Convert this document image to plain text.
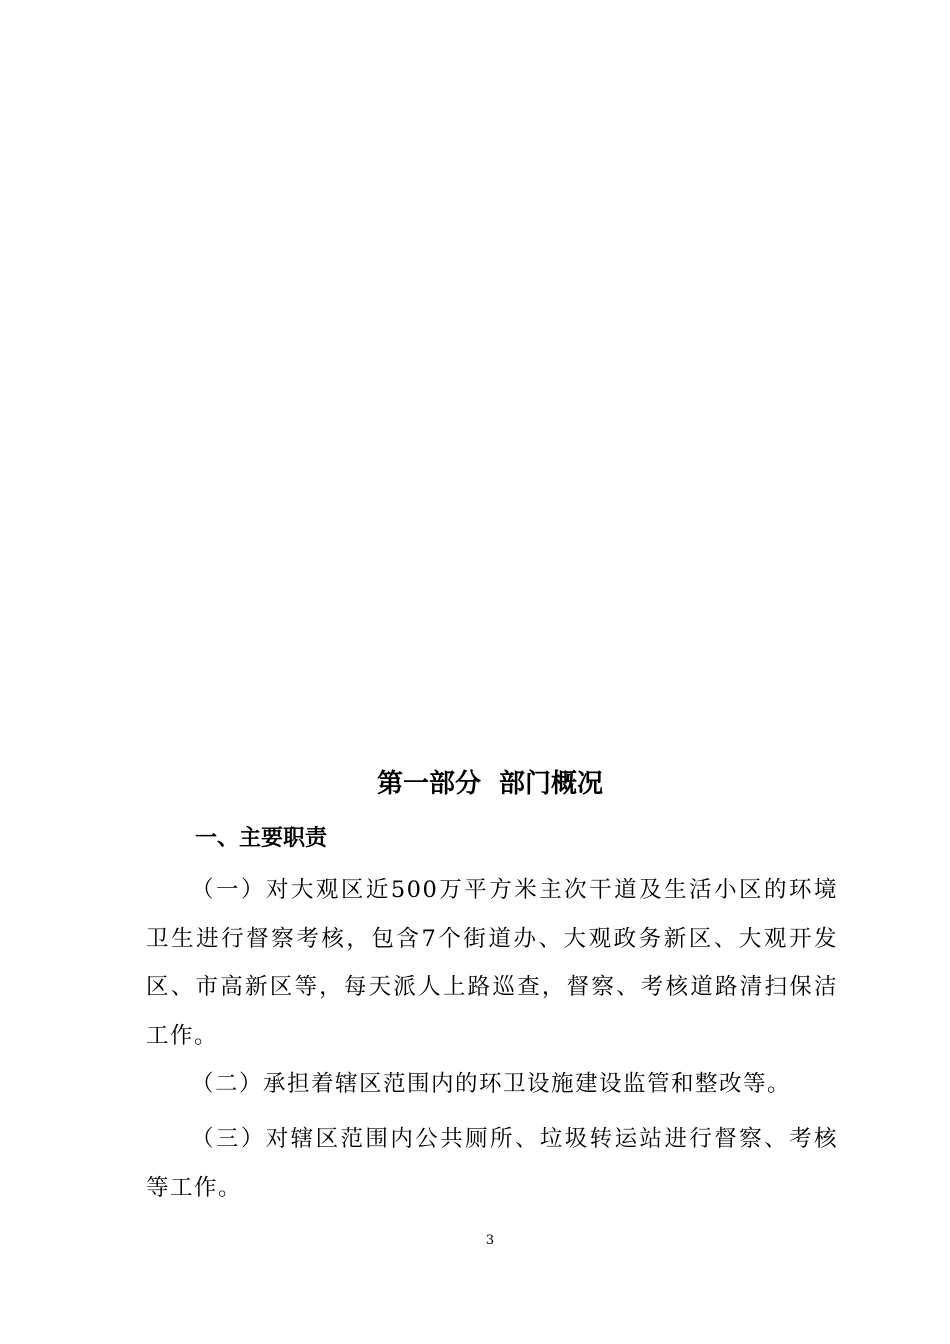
第一部分  部门概况
一、主要职责

（一）对大观区近500万平方米主次干道及生活小区的环境卫生进行督察考核，包含7个街道办、大观政务新区、大观开发区、市高新区等，每天派人上路巡查，督察、考核道路清扫保洁工作。

（二）承担着辖区范围内的环卫设施建设监管和整改等。

（三）对辖区范围内公共厕所、垃圾转运站进行督察、考核等工作。

3
